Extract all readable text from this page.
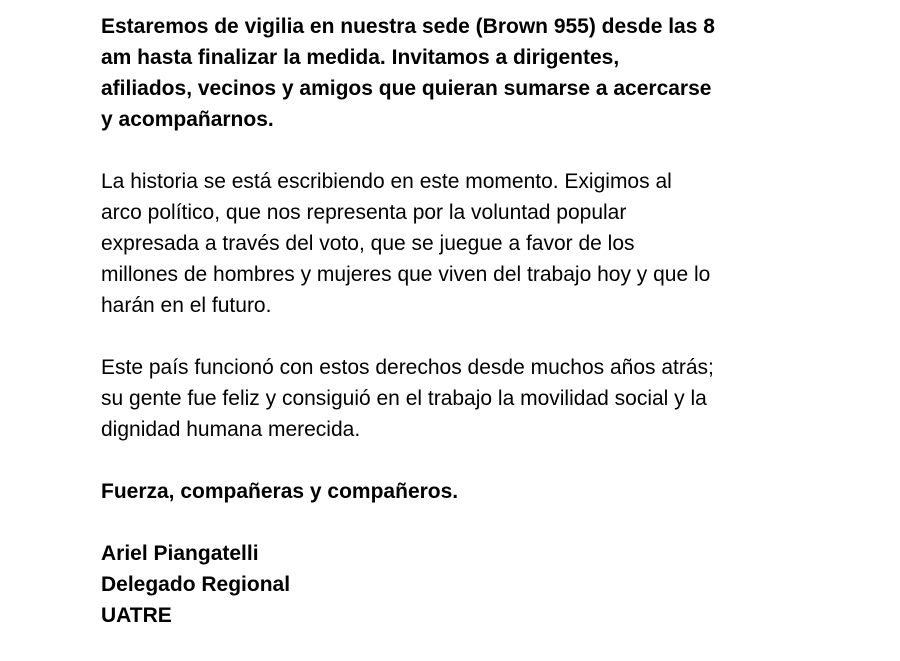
Estaremos de vigilia en nuestra sede (Brown 955) desde las 8
am hasta finalizar la medida. Invitamos a dirigentes,
afiliados, vecinos y amigos que quieran sumarse a acercarse
y acompañarnos.

La historia se está escribiendo en este momento. Exigimos al
arco político, que nos representa por la voluntad popular
expresada a través del voto, que se juegue a favor de los
millones de hombres y mujeres que viven del trabajo hoy y que lo
harán en el futuro.

Este país funcionó con estos derechos desde muchos años atrás;
su gente fue feliz y consiguió en el trabajo la movilidad social y la
dignidad humana merecida.

Fuerza, compañeras y compañeros.

Ariel Piangatelli
Delegado Regional
UATRE
